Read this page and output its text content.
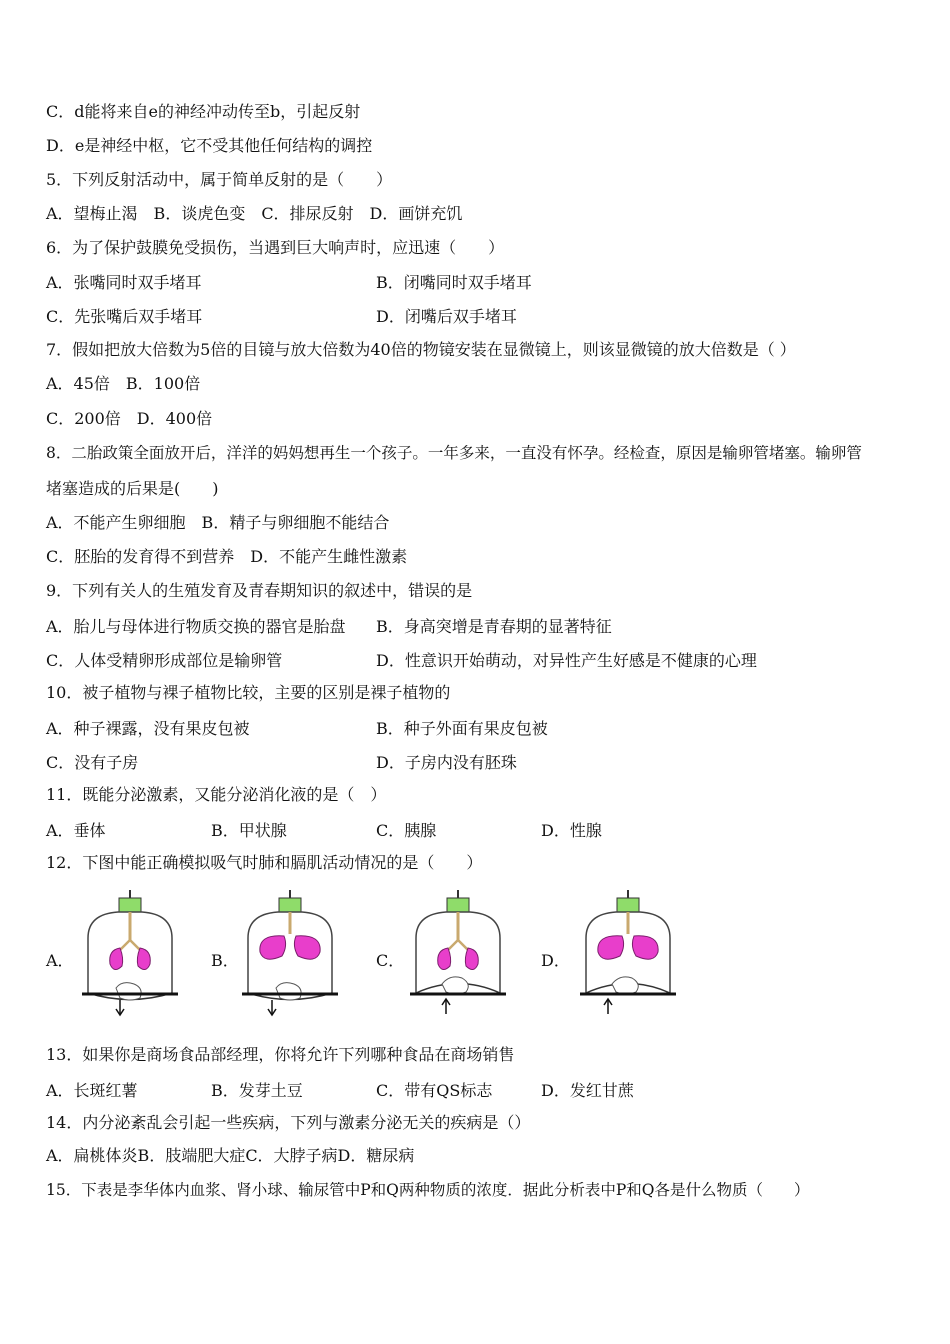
C．d能将来自e的神经冲动传至b，引起反射
D．e是神经中枢，它不受其他任何结构的调控
5．下列反射活动中，属于简单反射的是（　　）
A．望梅止渴　B．谈虎色变　C．排尿反射　D．画饼充饥
6．为了保护鼓膜免受损伤，当遇到巨大响声时，应迅速（　　）
A．张嘴同时双手堵耳	B．闭嘴同时双手堵耳
C．先张嘴后双手堵耳	D．闭嘴后双手堵耳
7．假如把放大倍数为5倍的目镜与放大倍数为40倍的物镜安装在显微镜上，则该显微镜的放大倍数是（ ）
A．45倍　B．100倍
C．200倍　D．400倍
8．二胎政策全面放开后，洋洋的妈妈想再生一个孩子。一年多来，一直没有怀孕。经检查，原因是输卵管堵塞。输卵管
堵塞造成的后果是(　　)
A．不能产生卵细胞　B．精子与卵细胞不能结合
C．胚胎的发育得不到营养　D．不能产生雌性激素
9．下列有关人的生殖发育及青春期知识的叙述中，错误的是
A．胎儿与母体进行物质交换的器官是胎盘 B．身高突增是青春期的显著特征
C．人体受精卵形成部位是输卵管	D．性意识开始萌动，对异性产生好感是不健康的心理
10．被子植物与裸子植物比较，主要的区别是裸子植物的
A．种子裸露，没有果皮包被	B．种子外面有果皮包被
C．没有子房	D．子房内没有胚珠
11．既能分泌激素，又能分泌消化液的是（　）
A．垂体	B．甲状腺	C．胰腺	D．性腺
12．下图中能正确模拟吸气时肺和膈肌活动情况的是（　　）
A．	B．	C．	D．
13．如果你是商场食品部经理，你将允许下列哪种食品在商场销售
A．长斑红薯	B．发芽土豆	C．带有QS标志	D．发红甘蔗
14．内分泌紊乱会引起一些疾病，下列与激素分泌无关的疾病是（）
A．扁桃体炎B．肢端肥大症C．大脖子病D．糖尿病
15．下表是李华体内血浆、肾小球、输尿管中P和Q两种物质的浓度．据此分析表中P和Q各是什么物质（　　）
